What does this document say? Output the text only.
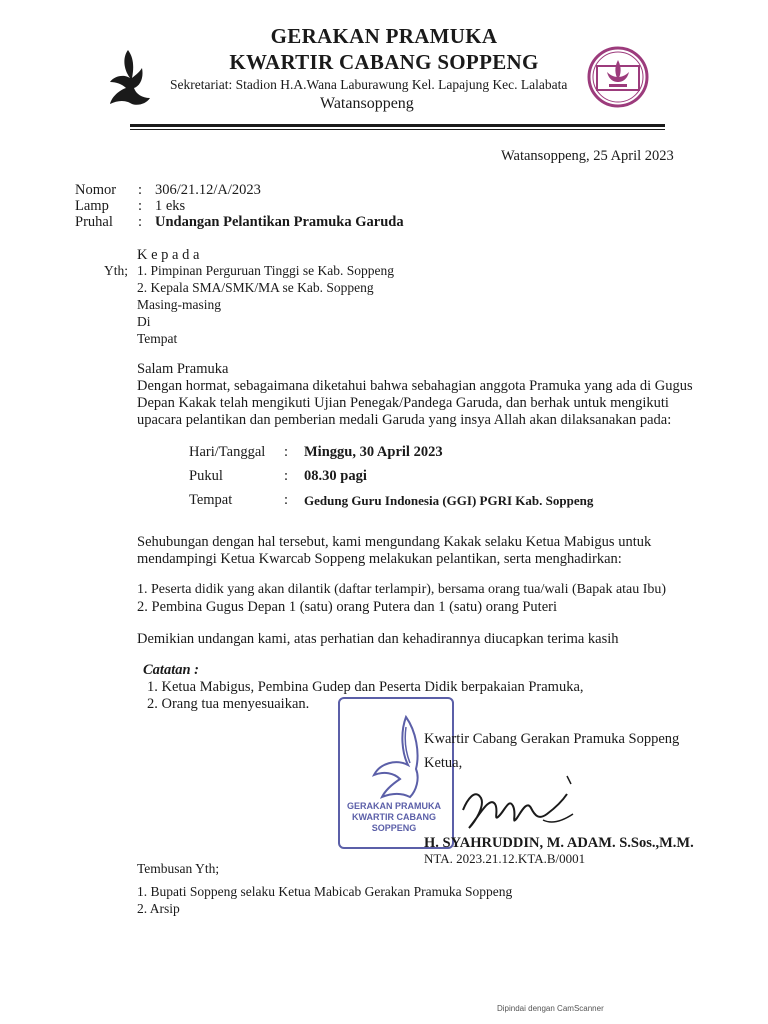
GERAKAN PRAMUKA
KWARTIR CABANG SOPPENG
Sekretariat: Stadion H.A.Wana Laburawung Kel. Lapajung Kec. Lalabata
Watansoppeng
Watansoppeng, 25 April 2023
Nomor : 306/21.12/A/2023
Lamp : 1 eks
Pruhal : Undangan Pelantikan Pramuka Garuda
K e p a d a
Yth; 1. Pimpinan Perguruan Tinggi se Kab. Soppeng
2. Kepala SMA/SMK/MA se Kab. Soppeng
Masing-masing
Di
Tempat
Salam Pramuka
Dengan hormat, sebagaimana diketahui bahwa sebahagian anggota Pramuka yang ada di Gugus
Depan Kakak telah mengikuti Ujian Penegak/Pandega Garuda, dan berhak untuk mengikuti
upacara pelantikan dan pemberian medali Garuda yang insya Allah akan dilaksanakan pada:
Hari/Tanggal : Minggu, 30 April 2023
Pukul	: 08.30 pagi
Tempat	: Gedung Guru Indonesia (GGI) PGRI Kab. Soppeng
Sehubungan dengan hal tersebut, kami mengundang Kakak selaku Ketua Mabigus untuk
mendampingi Ketua Kwarcab Soppeng melakukan pelantikan, serta menghadirkan:
1. Peserta didik yang akan dilantik (daftar terlampir), bersama orang tua/wali (Bapak atau Ibu)
2. Pembina Gugus Depan 1 (satu) orang Putera dan 1 (satu) orang Puteri
Demikian undangan kami, atas perhatian dan kehadirannya diucapkan terima kasih
Catatan :
1. Ketua Mabigus, Pembina Gudep dan Peserta Didik berpakaian Pramuka,
2. Orang tua menyesuaikan.
GERAKAN PRAMUKA
KWARTIR CABANG
SOPPENG
Kwartir Cabang Gerakan Pramuka Soppeng
Ketua,
H. SYAHRUDDIN, M. ADAM. S.Sos.,M.M.
NTA. 2023.21.12.KTA.B/0001
Tembusan Yth;
1. Bupati Soppeng selaku Ketua Mabicab Gerakan Pramuka Soppeng
2. Arsip
Dipindai dengan CamScanner
